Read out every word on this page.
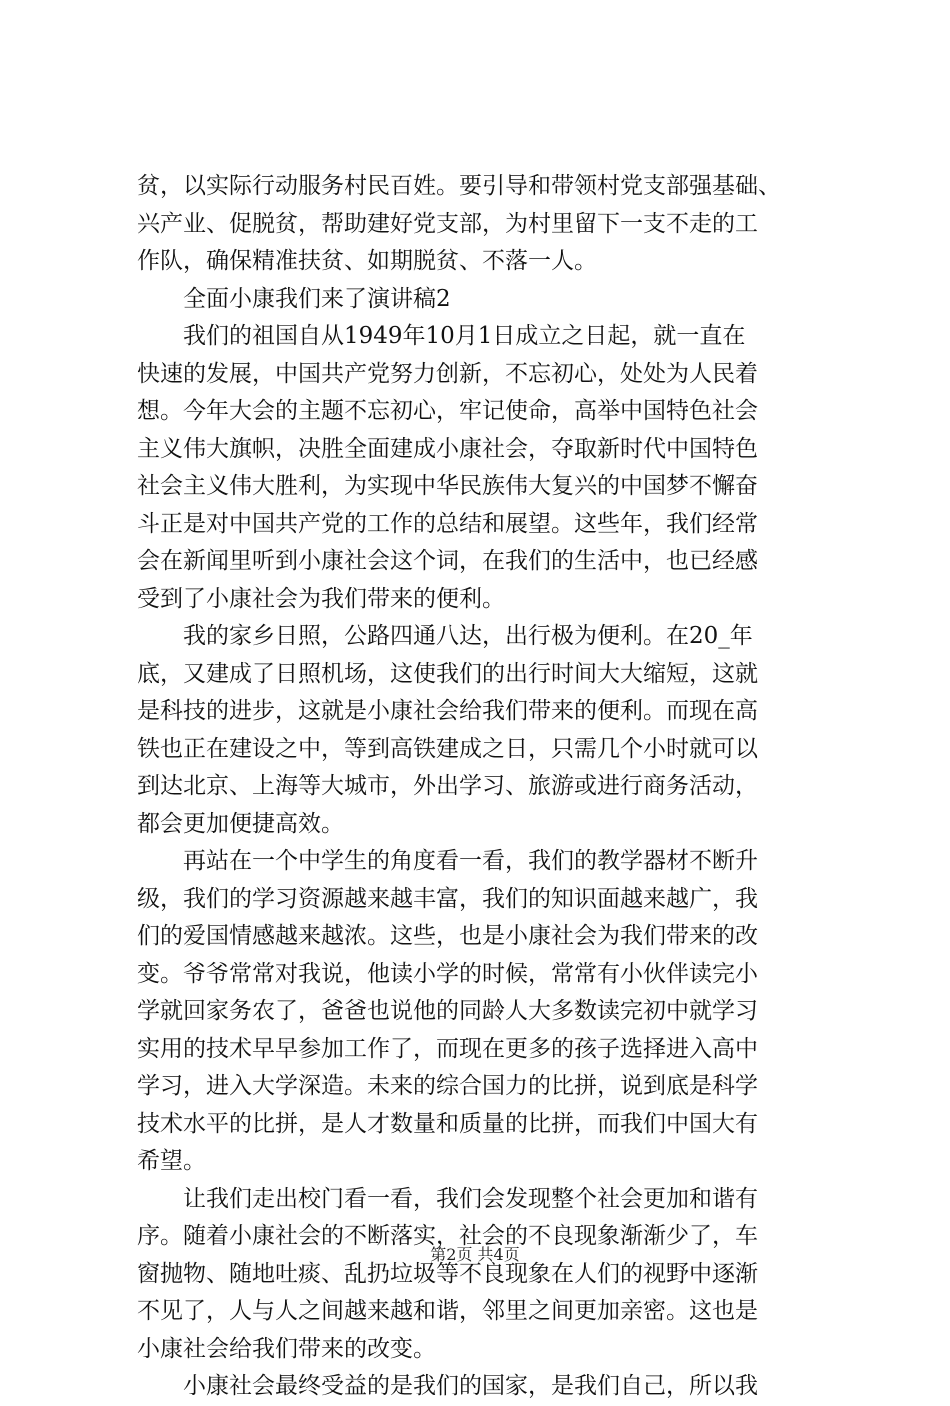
贫，以实际行动服务村民百姓。要引导和带领村党支部强基础、
兴产业、促脱贫，帮助建好党支部，为村里留下一支不走的工
作队，确保精准扶贫、如期脱贫、不落一人。
全面小康我们来了演讲稿2
我们的祖国自从1949年10月1日成立之日起，就一直在
快速的发展，中国共产党努力创新，不忘初心，处处为人民着
想。今年大会的主题不忘初心，牢记使命，高举中国特色社会
主义伟大旗帜，决胜全面建成小康社会，夺取新时代中国特色
社会主义伟大胜利，为实现中华民族伟大复兴的中国梦不懈奋
斗正是对中国共产党的工作的总结和展望。这些年，我们经常
会在新闻里听到小康社会这个词，在我们的生活中，也已经感
受到了小康社会为我们带来的便利。
我的家乡日照，公路四通八达，出行极为便利。在20_年
底，又建成了日照机场，这使我们的出行时间大大缩短，这就
是科技的进步，这就是小康社会给我们带来的便利。而现在高
铁也正在建设之中，等到高铁建成之日，只需几个小时就可以
到达北京、上海等大城市，外出学习、旅游或进行商务活动，
都会更加便捷高效。
再站在一个中学生的角度看一看，我们的教学器材不断升
级，我们的学习资源越来越丰富，我们的知识面越来越广，我
们的爱国情感越来越浓。这些，也是小康社会为我们带来的改
变。爷爷常常对我说，他读小学的时候，常常有小伙伴读完小
学就回家务农了，爸爸也说他的同龄人大多数读完初中就学习
实用的技术早早参加工作了，而现在更多的孩子选择进入高中
学习，进入大学深造。未来的综合国力的比拼，说到底是科学
技术水平的比拼，是人才数量和质量的比拼，而我们中国大有
希望。
让我们走出校门看一看，我们会发现整个社会更加和谐有
序。随着小康社会的不断落实，社会的不良现象渐渐少了，车
窗抛物、随地吐痰、乱扔垃圾等不良现象在人们的视野中逐渐
不见了，人与人之间越来越和谐，邻里之间更加亲密。这也是
小康社会给我们带来的改变。
小康社会最终受益的是我们的国家，是我们自己，所以我
第2页 共4页
